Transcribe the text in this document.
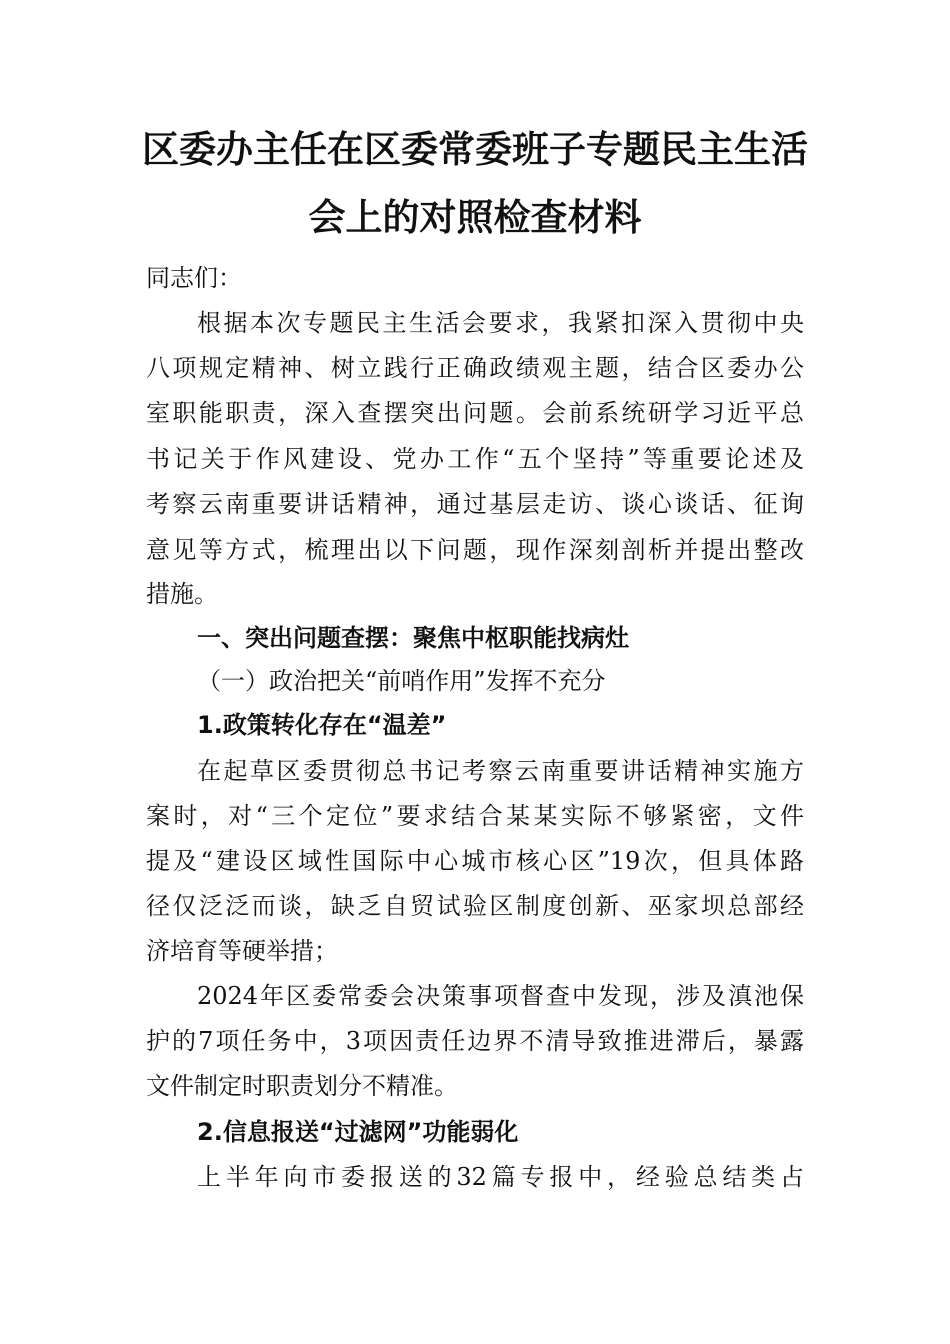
区委办主任在区委常委班子专题民主生活
会上的对照检查材料
同志们：
根据本次专题民主生活会要求，我紧扣深入贯彻中央
八项规定精神、树立践行正确政绩观主题，结合区委办公
室职能职责，深入查摆突出问题。会前系统研学习近平总
书记关于作风建设、党办工作“五个坚持”等重要论述及
考察云南重要讲话精神，通过基层走访、谈心谈话、征询
意见等方式，梳理出以下问题，现作深刻剖析并提出整改
措施。
一、突出问题查摆：聚焦中枢职能找病灶
（一）政治把关“前哨作用”发挥不充分
1.政策转化存在“温差”
在起草区委贯彻总书记考察云南重要讲话精神实施方
案时，对“三个定位”要求结合某某实际不够紧密，文件
提及“建设区域性国际中心城市核心区”19次，但具体路
径仅泛泛而谈，缺乏自贸试验区制度创新、巫家坝总部经
济培育等硬举措；
2024年区委常委会决策事项督查中发现，涉及滇池保
护的7项任务中，3项因责任边界不清导致推进滞后，暴露
文件制定时职责划分不精准。
2.信息报送“过滤网”功能弱化
上半年向市委报送的32篇专报中，经验总结类占
